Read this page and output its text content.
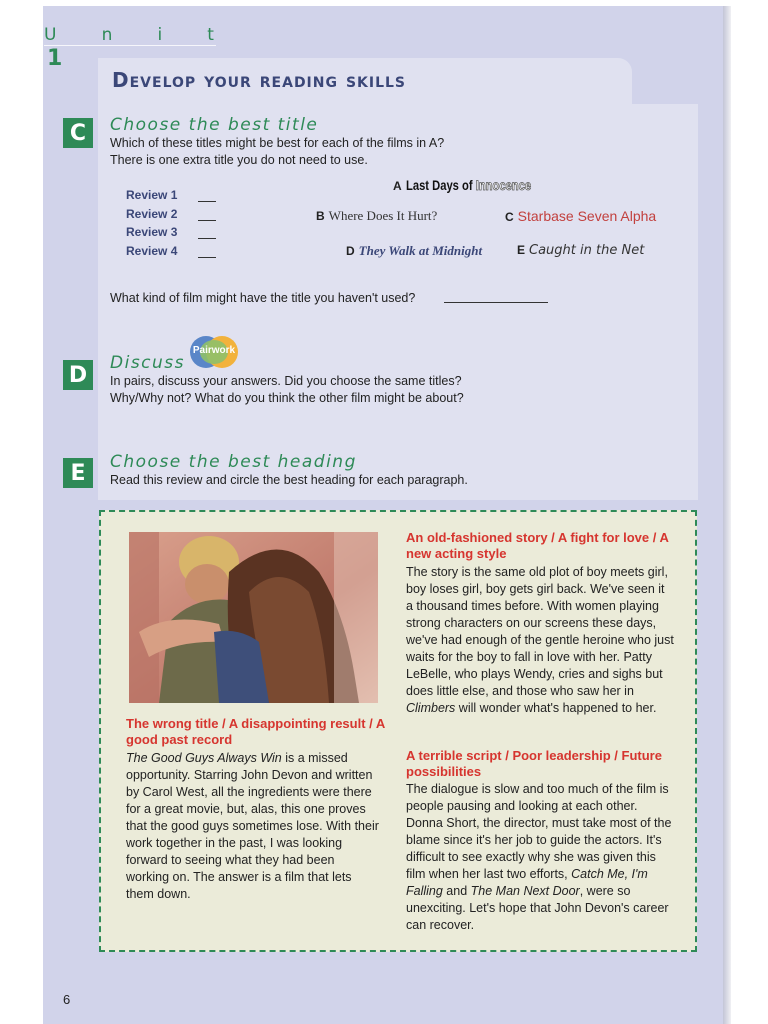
U	n	i	t
1
Develop your reading skills
C	Choose the best title
Which of these titles might be best for each of the films in A?
There is one extra title you do not need to use.
Review 1
Review 2
Review 3
Review 4
A Last Days of Innocence
B Where Does It Hurt?	C Starbase Seven Alpha
D They Walk at Midnight	E Caught in the Net
What kind of film might have the title you haven't used?
Pairwork
D	Discuss
In pairs, discuss your answers. Did you choose the same titles?
Why/Why not? What do you think the other film might be about?
E	Choose the best heading
Read this review and circle the best heading for each paragraph.
The wrong title / A disappointing result / A good past record
The Good Guys Always Win is a missed opportunity. Starring John Devon and written by Carol West, all the ingredients were there for a great movie, but, alas, this one proves that the good guys sometimes lose. With their work together in the past, I was looking forward to seeing what they had been working on. The answer is a film that lets them down.
An old-fashioned story / A fight for love / A new acting style
The story is the same old plot of boy meets girl, boy loses girl, boy gets girl back. We've seen it a thousand times before. With women playing strong characters on our screens these days, we've had enough of the gentle heroine who just waits for the boy to fall in love with her. Patty LeBelle, who plays Wendy, cries and sighs but does little else, and those who saw her in Climbers will wonder what's happened to her.
A terrible script / Poor leadership / Future possibilities
The dialogue is slow and too much of the film is people pausing and looking at each other. Donna Short, the director, must take most of the blame since it's her job to guide the actors. It's difficult to see exactly why she was given this film when her last two efforts, Catch Me, I'm Falling and The Man Next Door, were so unexciting. Let's hope that John Devon's career can recover.
6
